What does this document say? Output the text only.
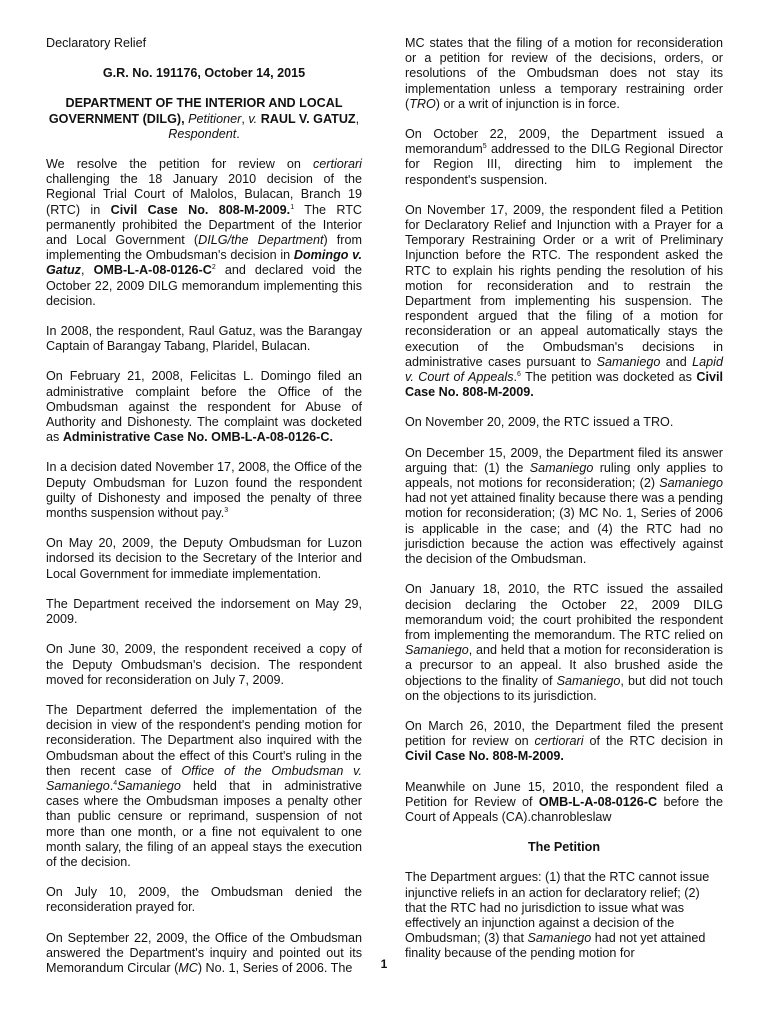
Declaratory Relief

G.R. No. 191176, October 14, 2015

DEPARTMENT OF THE INTERIOR AND LOCAL GOVERNMENT (DILG), Petitioner, v. RAUL V. GATUZ, Respondent.

We resolve the petition for review on certiorari challenging the 18 January 2010 decision of the Regional Trial Court of Malolos, Bulacan, Branch 19 (RTC) in Civil Case No. 808-M-2009.$^1$ The RTC permanently prohibited the Department of the Interior and Local Government (DILG/the Department) from implementing the Ombudsman's decision in Domingo v. Gatuz, OMB-$L-A-08-0126-C^2$ and declared void the October 22, 2009 DILG memorandum implementing this decision.

In 2008, the respondent, Raul Gatuz, was the Barangay Captain of Barangay Tabang, Plaridel, Bulacan.

On February 21, 2008, Felicitas L. Domingo filed an administrative complaint before the Office of the Ombudsman against the respondent for Abuse of Authority and Dishonesty. The complaint was docketed as Administrative Case No. OMB-L-A-08-0126-C.

In a decision dated November 17, 2008, the Office of the Deputy Ombudsman for Luzon found the respondent guilty of Dishonesty and imposed the penalty of three months suspension without pay.$^3$

On May 20, 2009, the Deputy Ombudsman for Luzon indorsed its decision to the Secretary of the Interior and Local Government for immediate implementation.

The Department received the indorsement on May 29, 2009.

On June 30, 2009, the respondent received a copy of the Deputy Ombudsman's decision. The respondent moved for reconsideration on July 7, 2009.

The Department deferred the implementation of the decision in view of the respondent's pending motion for reconsideration. The Department also inquired with the Ombudsman about the effect of this Court's ruling in the then recent case of Office of the Ombudsman v. Samaniego.$^4$Samaniego held that in administrative cases where the Ombudsman imposes a penalty other than public censure or reprimand, suspension of not more than one month, or a fine not equivalent to one month salary, the filing of an appeal stays the execution of the decision.

On July 10, 2009, the Ombudsman denied the reconsideration prayed for.

On September 22, 2009, the Office of the Ombudsman answered the Department's inquiry and pointed out its Memorandum Circular (MC) No. 1, Series of 2006. The

MC states that the filing of a motion for reconsideration or a petition for review of the decisions, orders, or resolutions of the Ombudsman does not stay its implementation unless a temporary restraining order (TRO) or a writ of injunction is in force.

On October 22, 2009, the Department issued a memorandum$^5$ addressed to the DILG Regional Director for Region III, directing him to implement the respondent's suspension.

On November 17, 2009, the respondent filed a Petition for Declaratory Relief and Injunction with a Prayer for a Temporary Restraining Order or a writ of Preliminary Injunction before the RTC. The respondent asked the RTC to explain his rights pending the resolution of his motion for reconsideration and to restrain the Department from implementing his suspension. The respondent argued that the filing of a motion for reconsideration or an appeal automatically stays the execution of the Ombudsman's decisions in administrative cases pursuant to Samaniego and Lapid v. Court of Appeals.$^6$ The petition was docketed as Civil Case No. 808-M-2009.

On November 20, 2009, the RTC issued a TRO.

On December 15, 2009, the Department filed its answer arguing that: (1) the Samaniego ruling only applies to appeals, not motions for reconsideration; (2) Samaniego had not yet attained finality because there was a pending motion for reconsideration; (3) MC No. 1, Series of 2006 is applicable in the case; and (4) the RTC had no jurisdiction because the action was effectively against the decision of the Ombudsman.

On January 18, 2010, the RTC issued the assailed decision declaring the October 22, 2009 DILG memorandum void; the court prohibited the respondent from implementing the memorandum. The RTC relied on Samaniego, and held that a motion for reconsideration is a precursor to an appeal. It also brushed aside the objections to the finality of Samaniego, but did not touch on the objections to its jurisdiction.

On March 26, 2010, the Department filed the present petition for review on certiorari of the RTC decision in Civil Case No. 808-M-2009.

Meanwhile on June 15, 2010, the respondent filed a Petition for Review of OMB-L-A-08-0126-C before the Court of Appeals (CA).chanrobleslaw

The Petition

The Department argues: (1) that the RTC cannot issue injunctive reliefs in an action for declaratory relief; (2) that the RTC had no jurisdiction to issue what was effectively an injunction against a decision of the Ombudsman; (3) that Samaniego had not yet attained finality because of the pending motion for

1
